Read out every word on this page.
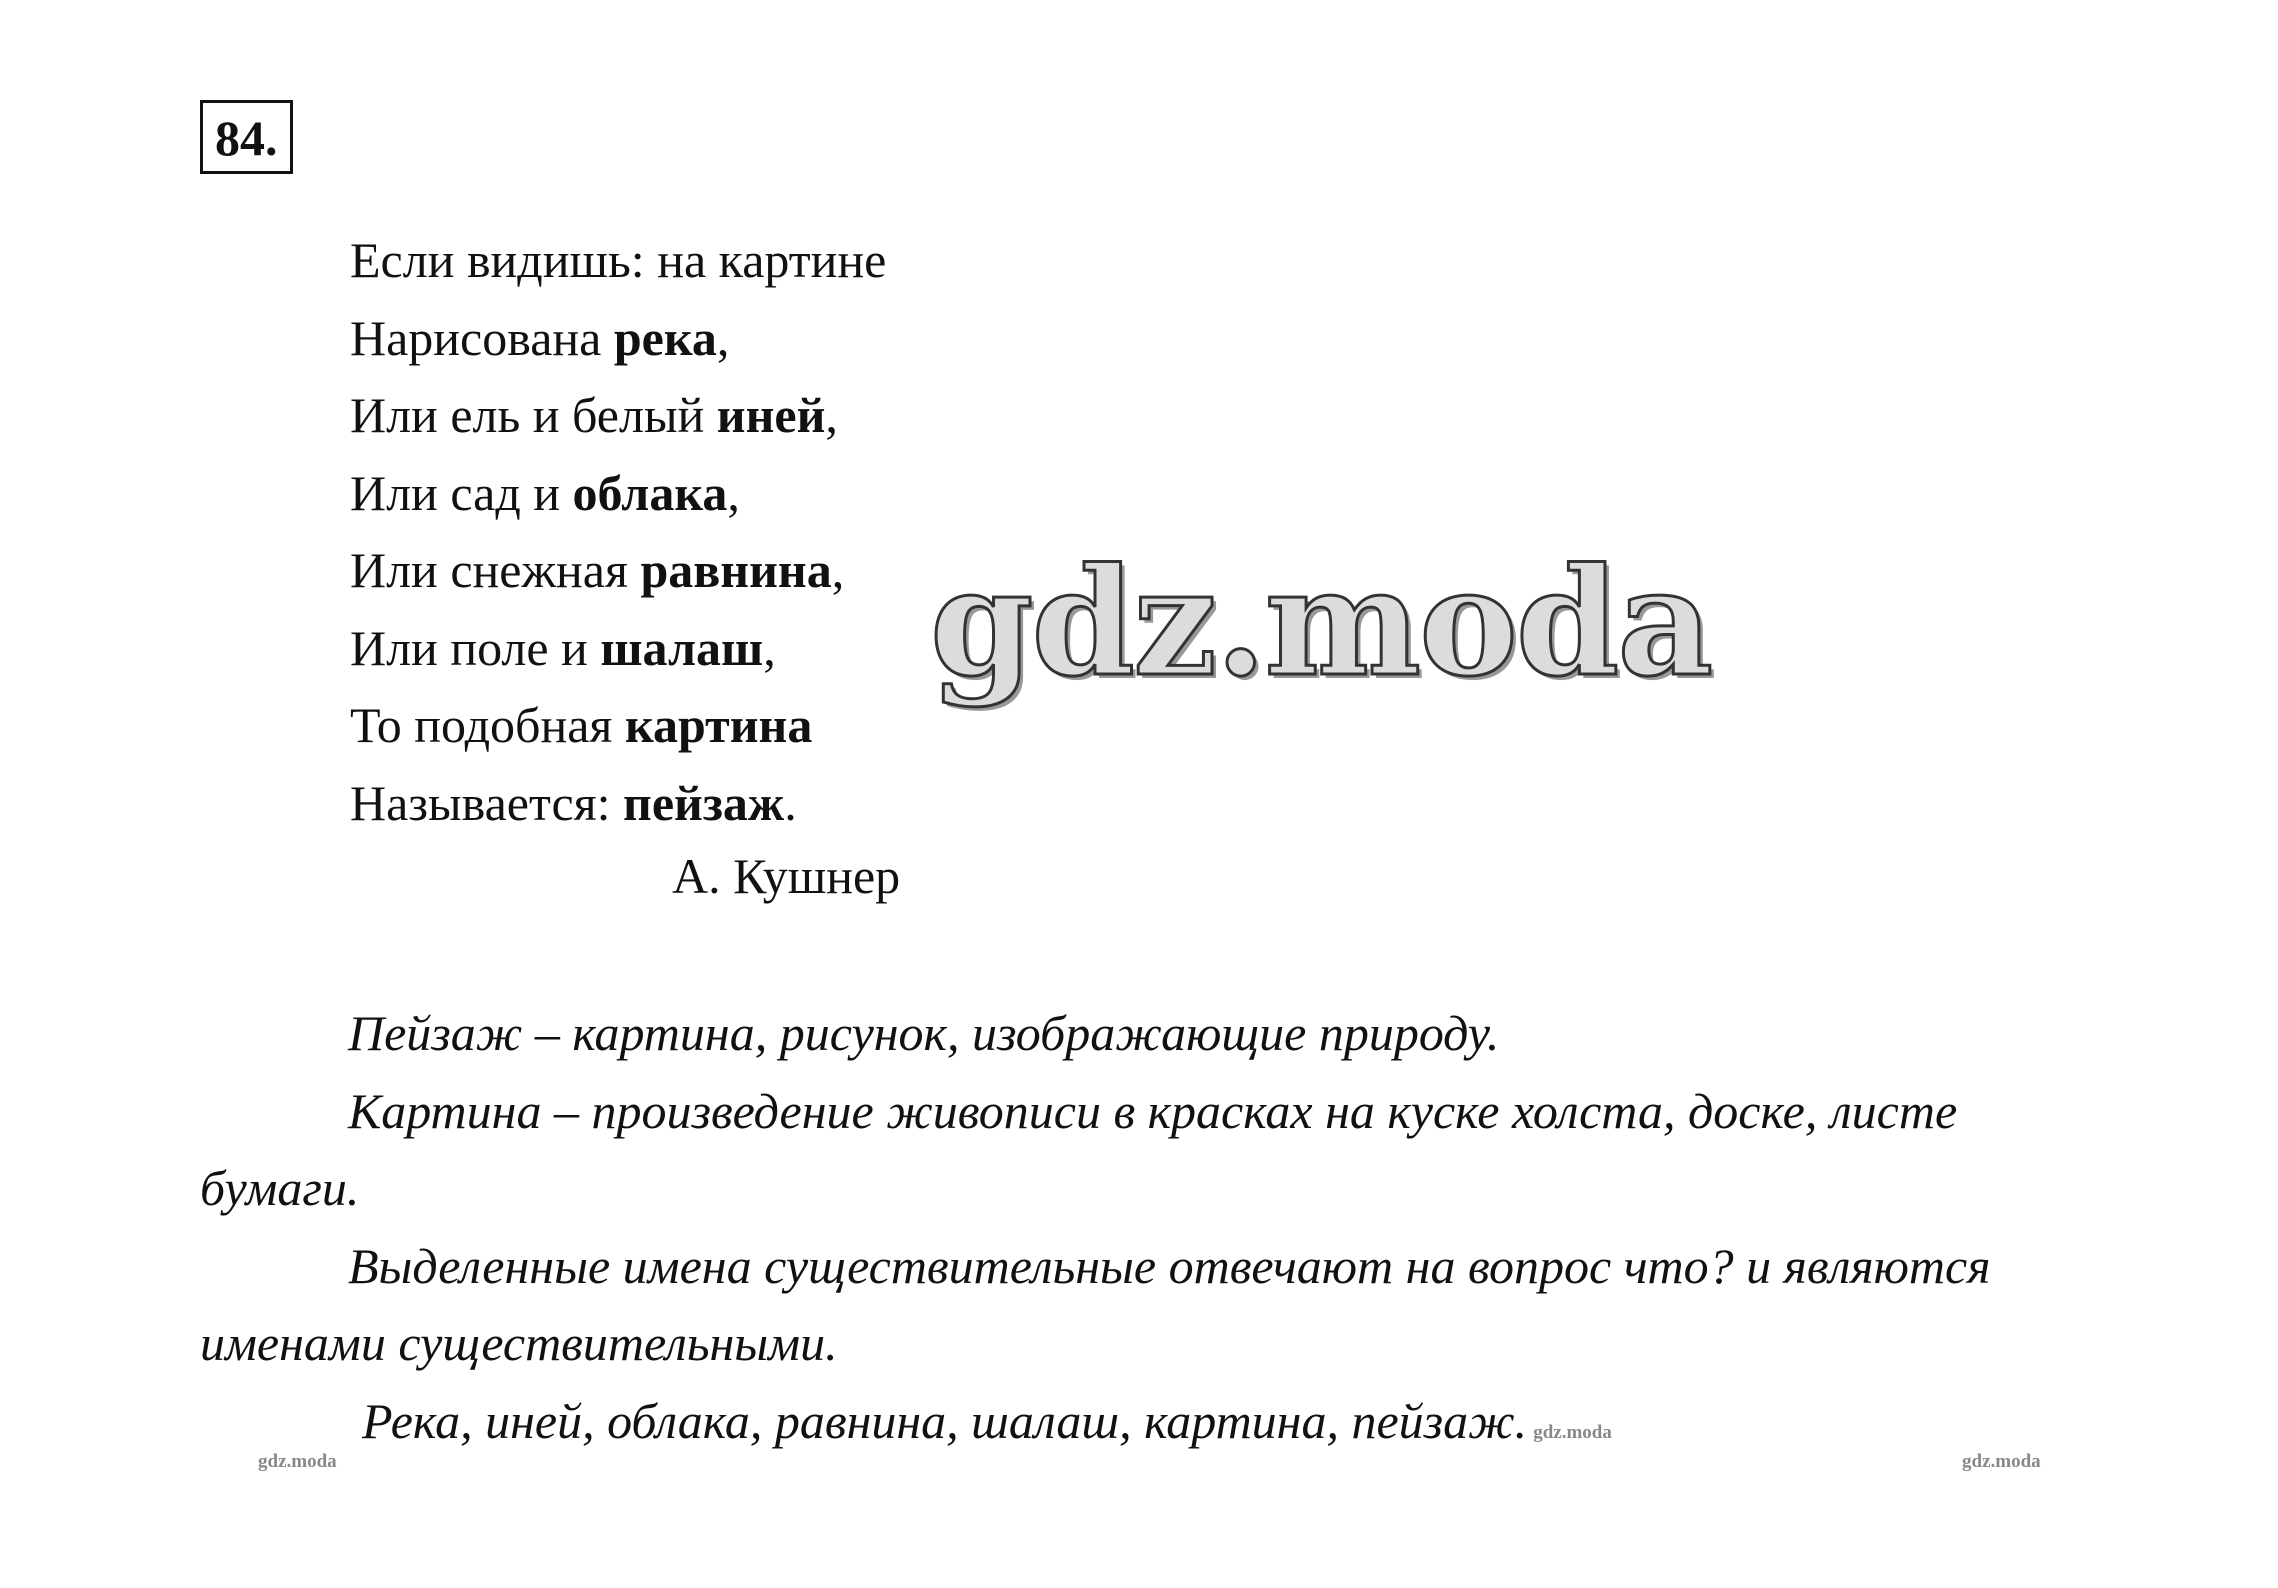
84.
Если видишь: на картине
Нарисована река,
Или ель и белый иней,
Или сад и облака,
Или снежная равнина,
Или поле и шалаш,
То подобная картина
Называется: пейзаж.
А. Кушнер
gdz.moda

Пейзаж – картина, рисунок, изображающие природу.

Картина – произведение живописи в красках на куске холста, доске, листе бумаги.

Выделенные имена существительные отвечают на вопрос что? и являются именами существительными.

gdz.moda
Река, иней, облака, равнина, шалаш, картина, пейзаж. gdz.moda
gdz.moda
